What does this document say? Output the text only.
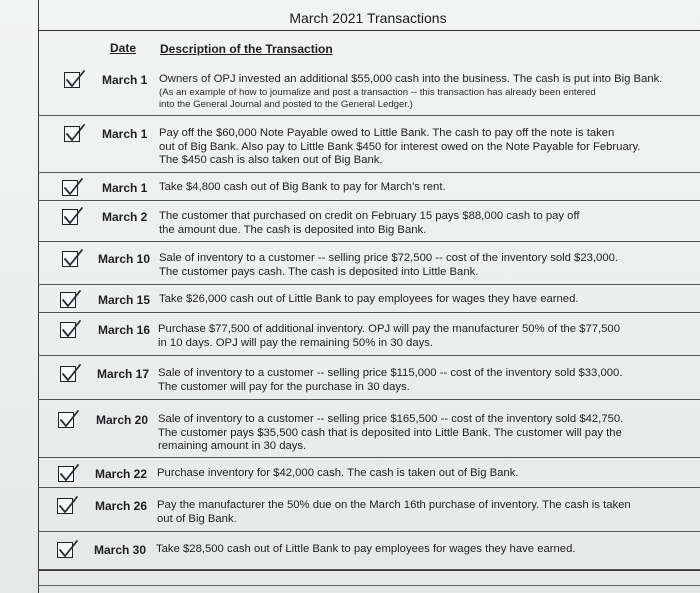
March 2021 Transactions
Date Description of the Transaction
March 1 Owners of OPJ invested an additional $55,000 cash into the business. The cash is put into Big Bank.
(As an example of how to journalize and post a transaction -- this transaction has already been entered
into the General Journal and posted to the General Ledger.)
March 1 Pay off the $60,000 Note Payable owed to Little Bank. The cash to pay off the note is taken
out of Big Bank. Also pay to Little Bank $450 for interest owed on the Note Payable for February.
The $450 cash is also taken out of Big Bank.
March 1 Take $4,800 cash out of Big Bank to pay for March's rent.
March 2 The customer that purchased on credit on February 15 pays $88,000 cash to pay off
the amount due. The cash is deposited into Big Bank.
March 10 Sale of inventory to a customer -- selling price $72,500 -- cost of the inventory sold $23,000.
The customer pays cash. The cash is deposited into Little Bank.
March 15 Take $26,000 cash out of Little Bank to pay employees for wages they have earned.
March 16 Purchase $77,500 of additional inventory. OPJ will pay the manufacturer 50% of the $77,500
in 10 days. OPJ will pay the remaining 50% in 30 days.
March 17 Sale of inventory to a customer -- selling price $115,000 -- cost of the inventory sold $33,000.
The customer will pay for the purchase in 30 days.
March 20 Sale of inventory to a customer -- selling price $165,500 -- cost of the inventory sold $42,750.
The customer pays $35,500 cash that is deposited into Little Bank. The customer will pay the
remaining amount in 30 days.
March 22 Purchase inventory for $42,000 cash. The cash is taken out of Big Bank.
March 26 Pay the manufacturer the 50% due on the March 16th purchase of inventory. The cash is taken
out of Big Bank.
March 30 Take $28,500 cash out of Little Bank to pay employees for wages they have earned.
